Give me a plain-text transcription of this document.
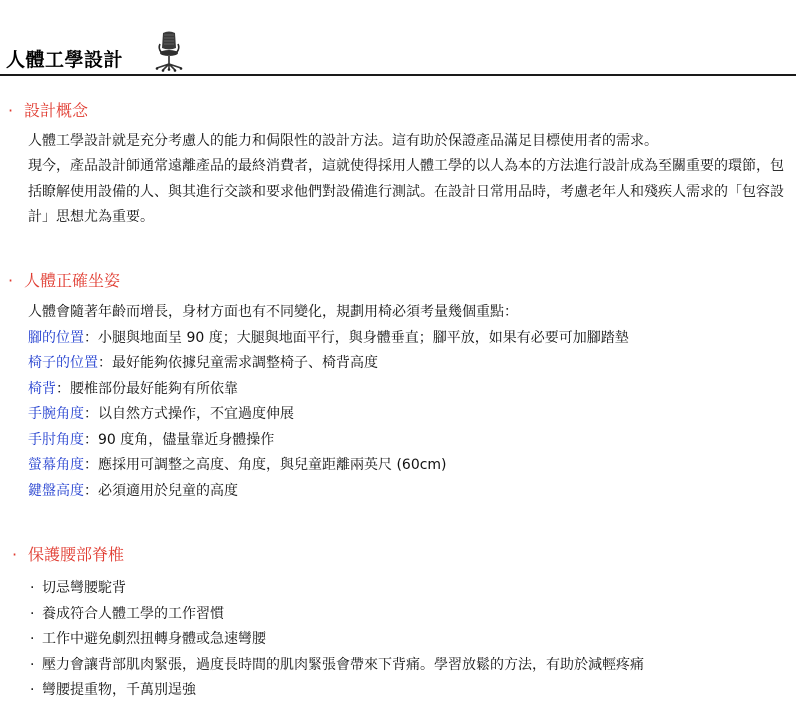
人體工學設計
· 設計概念

人體工學設計就是充分考慮人的能力和侷限性的設計方法。這有助於保證產品滿足目標使用者的需求。

現今，產品設計師通常遠離產品的最終消費者，這就使得採用人體工學的以人為本的方法進行設計成為至關重要的環節，包括瞭解使用設備的人、與其進行交談和要求他們對設備進行測試。在設計日常用品時，考慮老年人和殘疾人需求的「包容設計」思想尤為重要。

· 人體正確坐姿
人體會隨著年齡而增長，身材方面也有不同變化，規劃用椅必須考量幾個重點：
腳的位置：小腿與地面呈 90 度；大腿與地面平行，與身體垂直；腳平放，如果有必要可加腳踏墊
椅子的位置：最好能夠依據兒童需求調整椅子、椅背高度
椅背：腰椎部份最好能夠有所依靠
手腕角度：以自然方式操作，不宜過度伸展
手肘角度：90 度角，儘量靠近身體操作
螢幕角度：應採用可調整之高度、角度，與兒童距離兩英尺 (60cm)
鍵盤高度：必須適用於兒童的高度
· 保護腰部脊椎
· 切忌彎腰駝背
· 養成符合人體工學的工作習慣
· 工作中避免劇烈扭轉身體或急速彎腰
· 壓力會讓背部肌肉緊張，過度長時間的肌肉緊張會帶來下背痛。學習放鬆的方法，有助於減輕疼痛
· 彎腰提重物，千萬別逞強
